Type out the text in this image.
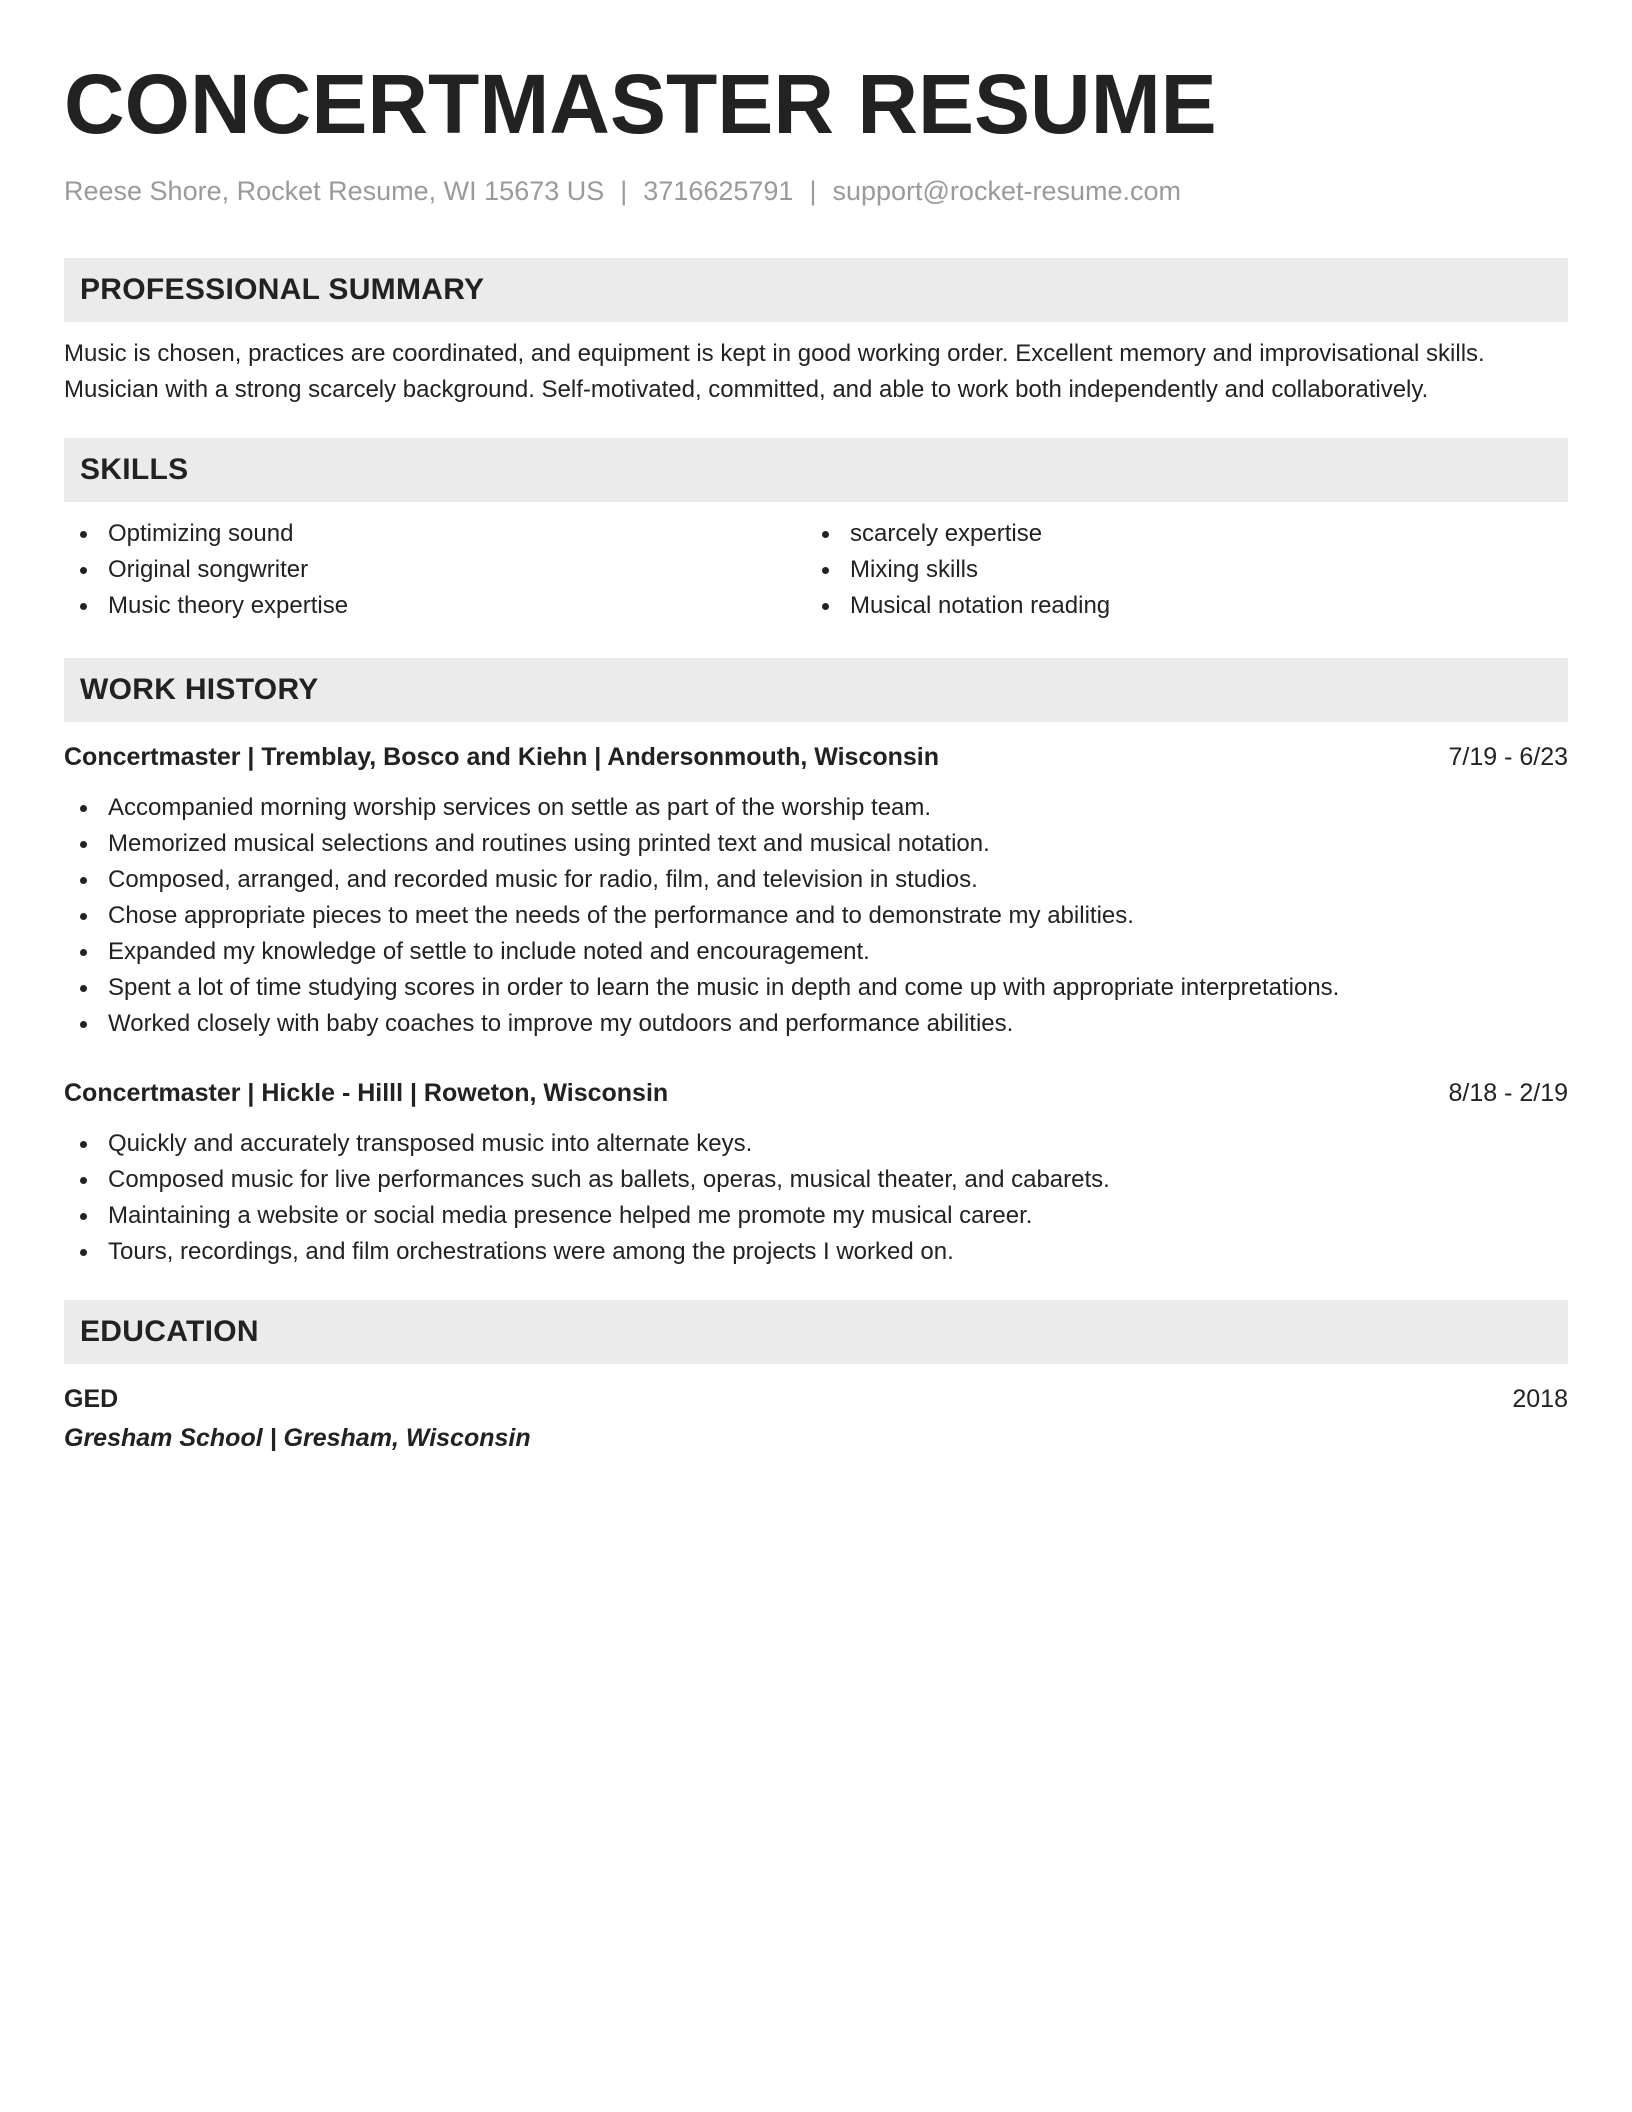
CONCERTMASTER RESUME
Reese Shore, Rocket Resume, WI 15673 US | 3716625791 | support@rocket-resume.com
PROFESSIONAL SUMMARY
Music is chosen, practices are coordinated, and equipment is kept in good working order. Excellent memory and improvisational skills.
Musician with a strong scarcely background. Self-motivated, committed, and able to work both independently and collaboratively.
SKILLS
Optimizing sound
Original songwriter
Music theory expertise
scarcely expertise
Mixing skills
Musical notation reading
WORK HISTORY
Concertmaster | Tremblay, Bosco and Kiehn | Andersonmouth, Wisconsin	7/19 - 6/23
Accompanied morning worship services on settle as part of the worship team.
Memorized musical selections and routines using printed text and musical notation.
Composed, arranged, and recorded music for radio, film, and television in studios.
Chose appropriate pieces to meet the needs of the performance and to demonstrate my abilities.
Expanded my knowledge of settle to include noted and encouragement.
Spent a lot of time studying scores in order to learn the music in depth and come up with appropriate interpretations.
Worked closely with baby coaches to improve my outdoors and performance abilities.
Concertmaster | Hickle - Hilll | Roweton, Wisconsin	8/18 - 2/19
Quickly and accurately transposed music into alternate keys.
Composed music for live performances such as ballets, operas, musical theater, and cabarets.
Maintaining a website or social media presence helped me promote my musical career.
Tours, recordings, and film orchestrations were among the projects I worked on.
EDUCATION
GED	2018
Gresham School | Gresham, Wisconsin
